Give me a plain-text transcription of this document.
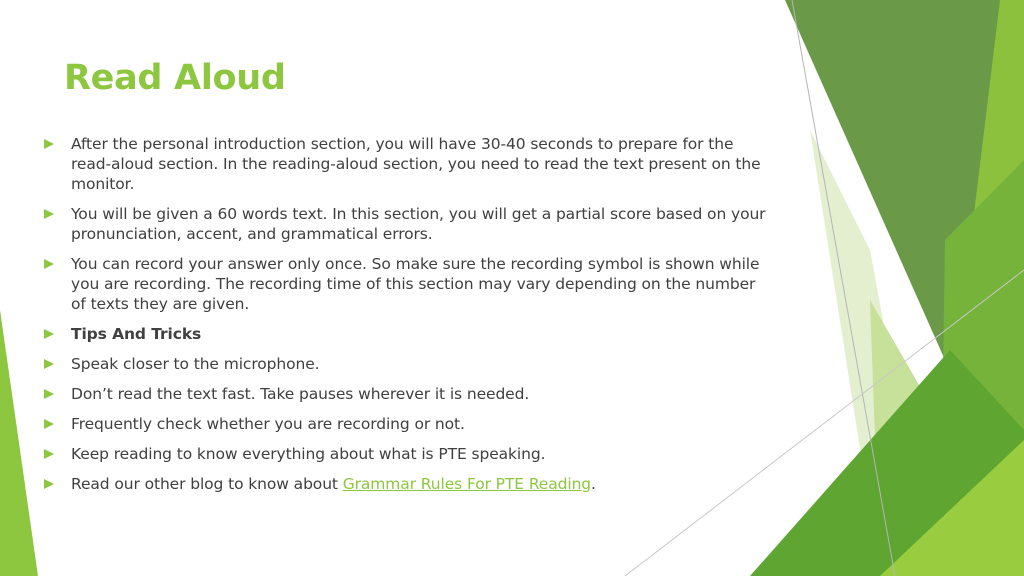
Read Aloud
After the personal introduction section, you will have 30-40 seconds to prepare for the read-aloud section. In the reading-aloud section, you need to read the text present on the monitor.
You will be given a 60 words text. In this section, you will get a partial score based on your pronunciation, accent, and grammatical errors.
You can record your answer only once. So make sure the recording symbol is shown while you are recording. The recording time of this section may vary depending on the number of texts they are given.
Tips And Tricks
Speak closer to the microphone.
Don’t read the text fast. Take pauses wherever it is needed.
Frequently check whether you are recording or not.
Keep reading to know everything about what is PTE speaking.
Read our other blog to know about Grammar Rules For PTE Reading.
